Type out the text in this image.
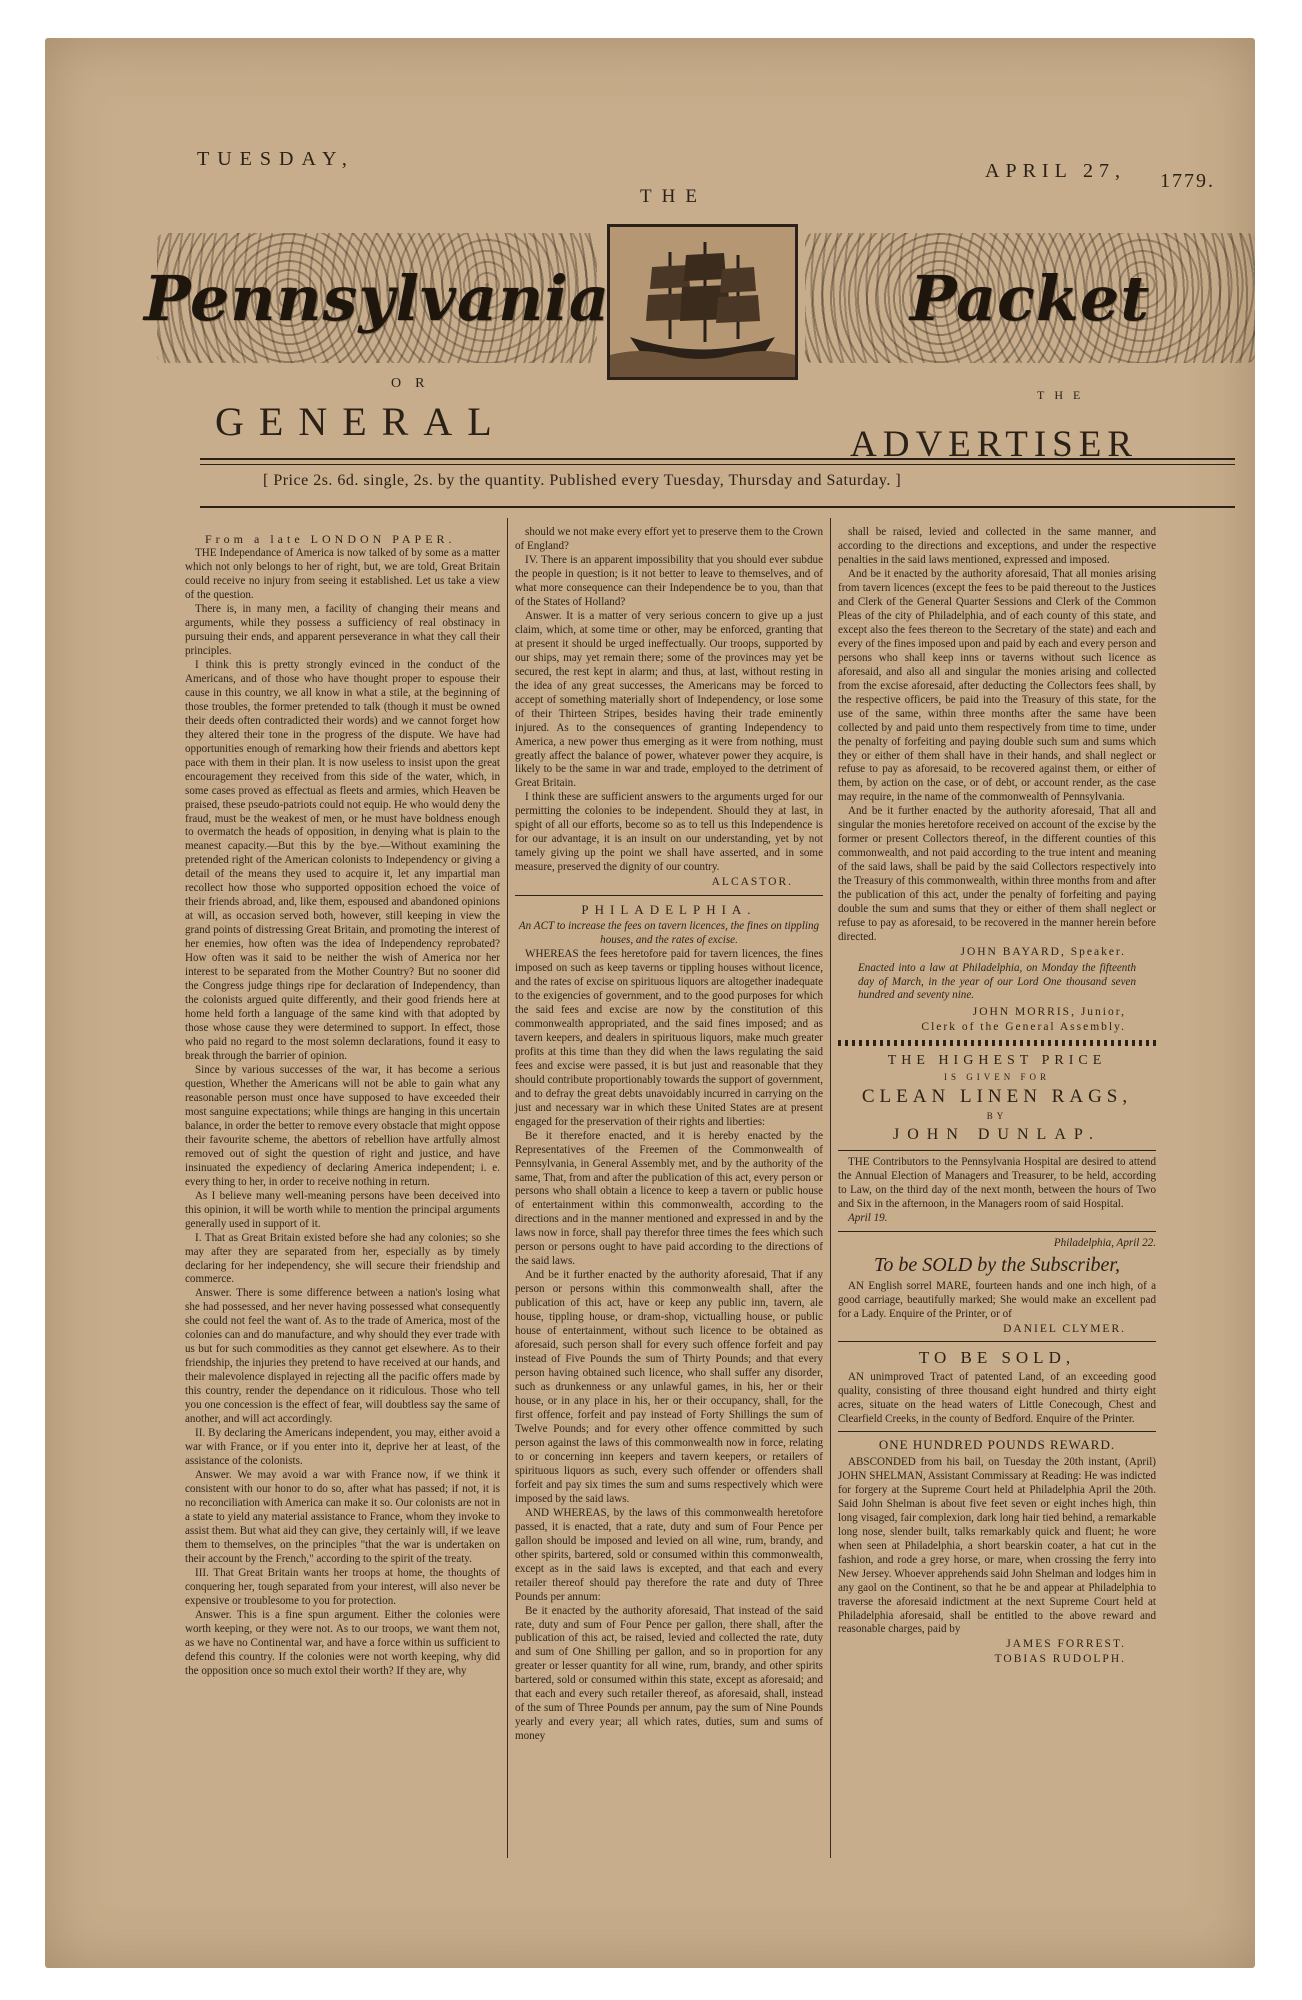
TUESDAY,
THE
APRIL 27, 1779.
Pennsylvania	Packet
OR
THE
GENERAL
ADVERTISER
[ Price 2s. 6d. single, 2s. by the quantity. Published every Tuesday, Thursday and Saturday. ]
From a late LONDON PAPER.

THE Independance of America is now talked of by some as a matter which not only belongs to her of right, but, we are told, Great Britain could receive no injury from seeing it established. Let us take a view of the question.

There is, in many men, a facility of changing their means and arguments, while they possess a sufficiency of real obstinacy in pursuing their ends, and apparent perseverance in what they call their principles.

I think this is pretty strongly evinced in the conduct of the Americans, and of those who have thought proper to espouse their cause in this country, we all know in what a stile, at the beginning of those troubles, the former pretended to talk (though it must be owned their deeds often contradicted their words) and we cannot forget how they altered their tone in the progress of the dispute. We have had opportunities enough of remarking how their friends and abettors kept pace with them in their plan. It is now useless to insist upon the great encouragement they received from this side of the water, which, in some cases proved as effectual as fleets and armies, which Heaven be praised, these pseudo-patriots could not equip. He who would deny the fraud, must be the weakest of men, or he must have boldness enough to overmatch the heads of opposition, in denying what is plain to the meanest capacity.—But this by the bye.—Without examining the pretended right of the American colonists to Independency or giving a detail of the means they used to acquire it, let any impartial man recollect how those who supported opposition echoed the voice of their friends abroad, and, like them, espoused and abandoned opinions at will, as occasion served both, however, still keeping in view the grand points of distressing Great Britain, and promoting the interest of her enemies, how often was the idea of Independency reprobated? How often was it said to be neither the wish of America nor her interest to be separated from the Mother Country? But no sooner did the Congress judge things ripe for declaration of Independency, than the colonists argued quite differently, and their good friends here at home held forth a language of the same kind with that adopted by those whose cause they were determined to support. In effect, those who paid no regard to the most solemn declarations, found it easy to break through the barrier of opinion.

Since by various successes of the war, it has become a serious question, Whether the Americans will not be able to gain what any reasonable person must once have supposed to have exceeded their most sanguine expectations; while things are hanging in this uncertain balance, in order the better to remove every obstacle that might oppose their favourite scheme, the abettors of rebellion have artfully almost removed out of sight the question of right and justice, and have insinuated the expediency of declaring America independent; i. e. every thing to her, in order to receive nothing in return.

As I believe many well-meaning persons have been deceived into this opinion, it will be worth while to mention the principal arguments generally used in support of it.

I. That as Great Britain existed before she had any colonies; so she may after they are separated from her, especially as by timely declaring for her independency, she will secure their friendship and commerce.

Answer. There is some difference between a nation's losing what she had possessed, and her never having possessed what consequently she could not feel the want of. As to the trade of America, most of the colonies can and do manufacture, and why should they ever trade with us but for such commodities as they cannot get elsewhere. As to their friendship, the injuries they pretend to have received at our hands, and their malevolence displayed in rejecting all the pacific offers made by this country, render the dependance on it ridiculous. Those who tell you one concession is the effect of fear, will doubtless say the same of another, and will act accordingly.

II. By declaring the Americans independent, you may, either avoid a war with France, or if you enter into it, deprive her at least, of the assistance of the colonists.

Answer. We may avoid a war with France now, if we think it consistent with our honor to do so, after what has passed; if not, it is no reconciliation with America can make it so. Our colonists are not in a state to yield any material assistance to France, whom they invoke to assist them. But what aid they can give, they certainly will, if we leave them to themselves, on the principles "that the war is undertaken on their account by the French," according to the spirit of the treaty.

III. That Great Britain wants her troops at home, the thoughts of conquering her, tough separated from your interest, will also never be expensive or troublesome to you for protection.

Answer. This is a fine spun argument. Either the colonies were worth keeping, or they were not. As to our troops, we want them not, as we have no Continental war, and have a force within us sufficient to defend this country. If the colonies were not worth keeping, why did the opposition once so much extol their worth? If they are, why

should we not make every effort yet to preserve them to the Crown of England?

IV. There is an apparent impossibility that you should ever subdue the people in question; is it not better to leave to themselves, and of what more consequence can their Independence be to you, than that of the States of Holland?

Answer. It is a matter of very serious concern to give up a just claim, which, at some time or other, may be enforced, granting that at present it should be urged ineffectually. Our troops, supported by our ships, may yet remain there; some of the provinces may yet be secured, the rest kept in alarm; and thus, at last, without resting in the idea of any great successes, the Americans may be forced to accept of something materially short of Independency, or lose some of their Thirteen Stripes, besides having their trade eminently injured. As to the consequences of granting Independency to America, a new power thus emerging as it were from nothing, must greatly affect the balance of power, whatever power they acquire, is likely to be the same in war and trade, employed to the detriment of Great Britain.

I think these are sufficient answers to the arguments urged for our permitting the colonies to be independent. Should they at last, in spight of all our efforts, become so as to tell us this Independence is for our advantage, it is an insult on our understanding, yet by not tamely giving up the point we shall have asserted, and in some measure, preserved the dignity of our country.

ALCASTOR.
PHILADELPHIA.

An ACT to increase the fees on tavern licences, the fines on tippling houses, and the rates of excise.

WHEREAS the fees heretofore paid for tavern licences, the fines imposed on such as keep taverns or tippling houses without licence, and the rates of excise on spirituous liquors are altogether inadequate to the exigencies of government, and to the good purposes for which the said fees and excise are now by the constitution of this commonwealth appropriated, and the said fines imposed; and as tavern keepers, and dealers in spirituous liquors, make much greater profits at this time than they did when the laws regulating the said fees and excise were passed, it is but just and reasonable that they should contribute proportionably towards the support of government, and to defray the great debts unavoidably incurred in carrying on the just and necessary war in which these United States are at present engaged for the preservation of their rights and liberties:

Be it therefore enacted, and it is hereby enacted by the Representatives of the Freemen of the Commonwealth of Pennsylvania, in General Assembly met, and by the authority of the same, That, from and after the publication of this act, every person or persons who shall obtain a licence to keep a tavern or public house of entertainment within this commonwealth, according to the directions and in the manner mentioned and expressed in and by the laws now in force, shall pay therefor three times the fees which such person or persons ought to have paid according to the directions of the said laws.

And be it further enacted by the authority aforesaid, That if any person or persons within this commonwealth shall, after the publication of this act, have or keep any public inn, tavern, ale house, tippling house, or dram-shop, victualling house, or public house of entertainment, without such licence to be obtained as aforesaid, such person shall for every such offence forfeit and pay instead of Five Pounds the sum of Thirty Pounds; and that every person having obtained such licence, who shall suffer any disorder, such as drunkenness or any unlawful games, in his, her or their house, or in any place in his, her or their occupancy, shall, for the first offence, forfeit and pay instead of Forty Shillings the sum of Twelve Pounds; and for every other offence committed by such person against the laws of this commonwealth now in force, relating to or concerning inn keepers and tavern keepers, or retailers of spirituous liquors as such, every such offender or offenders shall forfeit and pay six times the sum and sums respectively which were imposed by the said laws.

AND WHEREAS, by the laws of this commonwealth heretofore passed, it is enacted, that a rate, duty and sum of Four Pence per gallon should be imposed and levied on all wine, rum, brandy, and other spirits, bartered, sold or consumed within this commonwealth, except as in the said laws is excepted, and that each and every retailer thereof should pay therefore the rate and duty of Three Pounds per annum:

Be it enacted by the authority aforesaid, That instead of the said rate, duty and sum of Four Pence per gallon, there shall, after the publication of this act, be raised, levied and collected the rate, duty and sum of One Shilling per gallon, and so in proportion for any greater or lesser quantity for all wine, rum, brandy, and other spirits bartered, sold or consumed within this state, except as aforesaid; and that each and every such retailer thereof, as aforesaid, shall, instead of the sum of Three Pounds per annum, pay the sum of Nine Pounds yearly and every year; all which rates, duties, sum and sums of money

shall be raised, levied and collected in the same manner, and according to the directions and exceptions, and under the respective penalties in the said laws mentioned, expressed and imposed.

And be it enacted by the authority aforesaid, That all monies arising from tavern licences (except the fees to be paid thereout to the Justices and Clerk of the General Quarter Sessions and Clerk of the Common Pleas of the city of Philadelphia, and of each county of this state, and except also the fees thereon to the Secretary of the state) and each and every of the fines imposed upon and paid by each and every person and persons who shall keep inns or taverns without such licence as aforesaid, and also all and singular the monies arising and collected from the excise aforesaid, after deducting the Collectors fees shall, by the respective officers, be paid into the Treasury of this state, for the use of the same, within three months after the same have been collected by and paid unto them respectively from time to time, under the penalty of forfeiting and paying double such sum and sums which they or either of them shall have in their hands, and shall neglect or refuse to pay as aforesaid, to be recovered against them, or either of them, by action on the case, or of debt, or account render, as the case may require, in the name of the commonwealth of Pennsylvania.

And be it further enacted by the authority aforesaid, That all and singular the monies heretofore received on account of the excise by the former or present Collectors thereof, in the different counties of this commonwealth, and not paid according to the true intent and meaning of the said laws, shall be paid by the said Collectors respectively into the Treasury of this commonwealth, within three months from and after the publication of this act, under the penalty of forfeiting and paying double the sum and sums that they or either of them shall neglect or refuse to pay as aforesaid, to be recovered in the manner herein before directed.

JOHN BAYARD, Speaker.

Enacted into a law at Philadelphia, on Monday the fifteenth day of March, in the year of our Lord One thousand seven hundred and seventy nine.

JOHN MORRIS, Junior,
Clerk of the General Assembly.
THE HIGHEST PRICE
IS GIVEN FOR
CLEAN LINEN RAGS,
BY
JOHN DUNLAP.

THE Contributors to the Pennsylvania Hospital are desired to attend the Annual Election of Managers and Treasurer, to be held, according to Law, on the third day of the next month, between the hours of Two and Six in the afternoon, in the Managers room of said Hospital.

April 19.

Philadelphia, April 22.
To be SOLD by the Subscriber,

AN English sorrel MARE, fourteen hands and one inch high, of a good carriage, beautifully marked; She would make an excellent pad for a Lady. Enquire of the Printer, or of

DANIEL CLYMER.
TO BE SOLD,

AN unimproved Tract of patented Land, of an exceeding good quality, consisting of three thousand eight hundred and thirty eight acres, situate on the head waters of Little Conecough, Chest and Clearfield Creeks, in the county of Bedford. Enquire of the Printer.

ONE HUNDRED POUNDS REWARD.

ABSCONDED from his bail, on Tuesday the 20th instant, (April) JOHN SHELMAN, Assistant Commissary at Reading: He was indicted for forgery at the Supreme Court held at Philadelphia April the 20th. Said John Shelman is about five feet seven or eight inches high, thin long visaged, fair complexion, dark long hair tied behind, a remarkable long nose, slender built, talks remarkably quick and fluent; he wore when seen at Philadelphia, a short bearskin coater, a hat cut in the fashion, and rode a grey horse, or mare, when crossing the ferry into New Jersey. Whoever apprehends said John Shelman and lodges him in any gaol on the Continent, so that he be and appear at Philadelphia to traverse the aforesaid indictment at the next Supreme Court held at Philadelphia aforesaid, shall be entitled to the above reward and reasonable charges, paid by

JAMES FORREST.
TOBIAS RUDOLPH.
